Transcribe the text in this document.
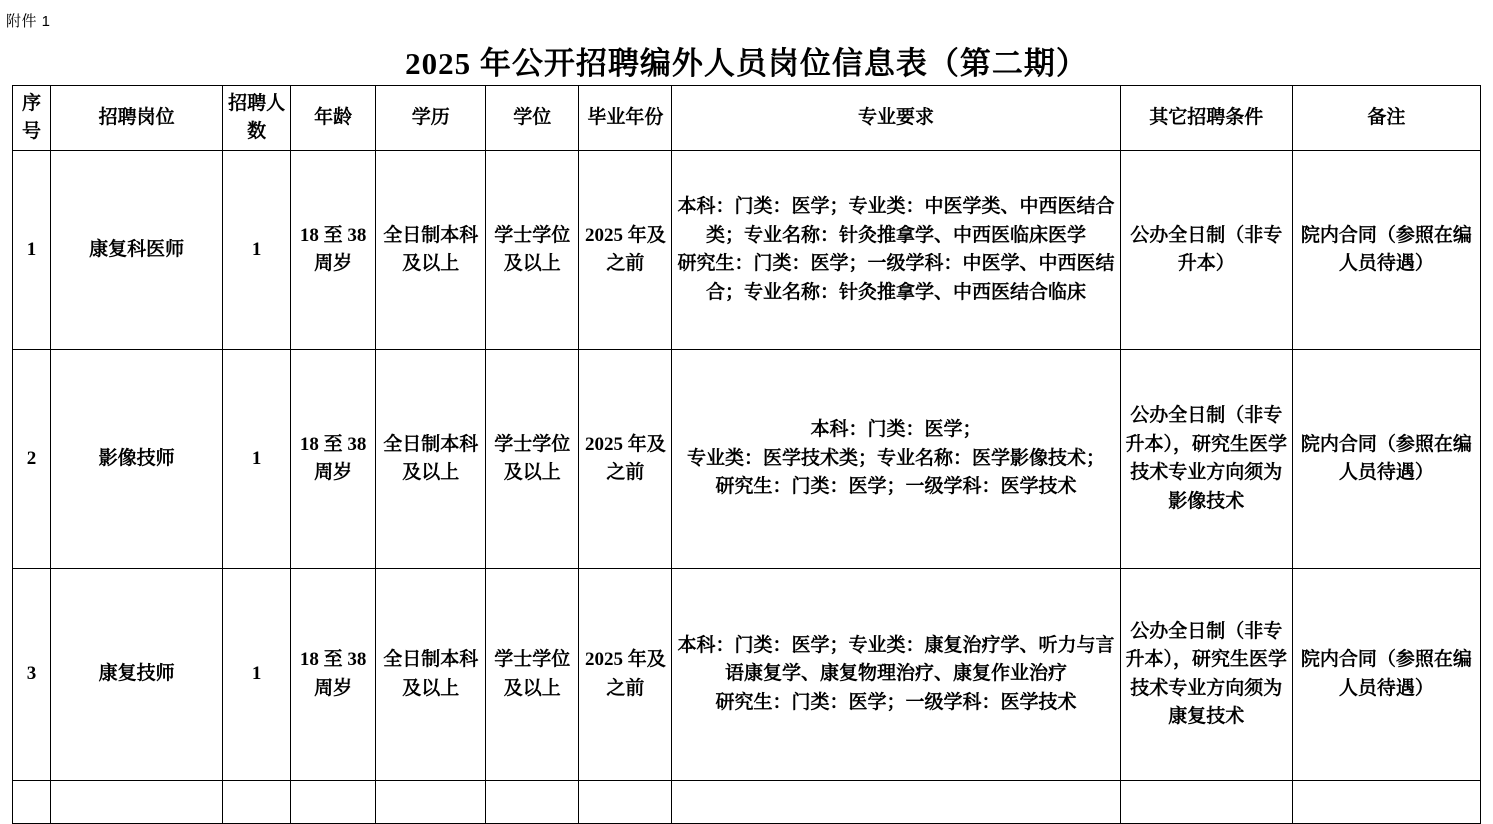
附件 1
2025 年公开招聘编外人员岗位信息表（第二期）
序号	招聘岗位	招聘人数	年龄	学历	学位	毕业年份	专业要求	其它招聘条件	备注
1	康复科医师	1	18 至 38 周岁	全日制本科及以上	学士学位及以上	2025 年及之前	本科：门类：医学；专业类：中医学类、中西医结合类；专业名称：针灸推拿学、中西医临床医学
研究生：门类：医学；一级学科：中医学、中西医结合；专业名称：针灸推拿学、中西医结合临床	公办全日制（非专升本）	院内合同（参照在编人员待遇）
2	影像技师	1	18 至 38 周岁	全日制本科及以上	学士学位及以上	2025 年及之前	本科：门类：医学；
专业类：医学技术类；专业名称：医学影像技术；
研究生：门类：医学；一级学科：医学技术	公办全日制（非专升本），研究生医学技术专业方向须为影像技术	院内合同（参照在编人员待遇）
3	康复技师	1	18 至 38 周岁	全日制本科及以上	学士学位及以上	2025 年及之前	本科：门类：医学；专业类：康复治疗学、听力与言语康复学、康复物理治疗、康复作业治疗
研究生：门类：医学；一级学科：医学技术	公办全日制（非专升本），研究生医学技术专业方向须为康复技术	院内合同（参照在编人员待遇）
